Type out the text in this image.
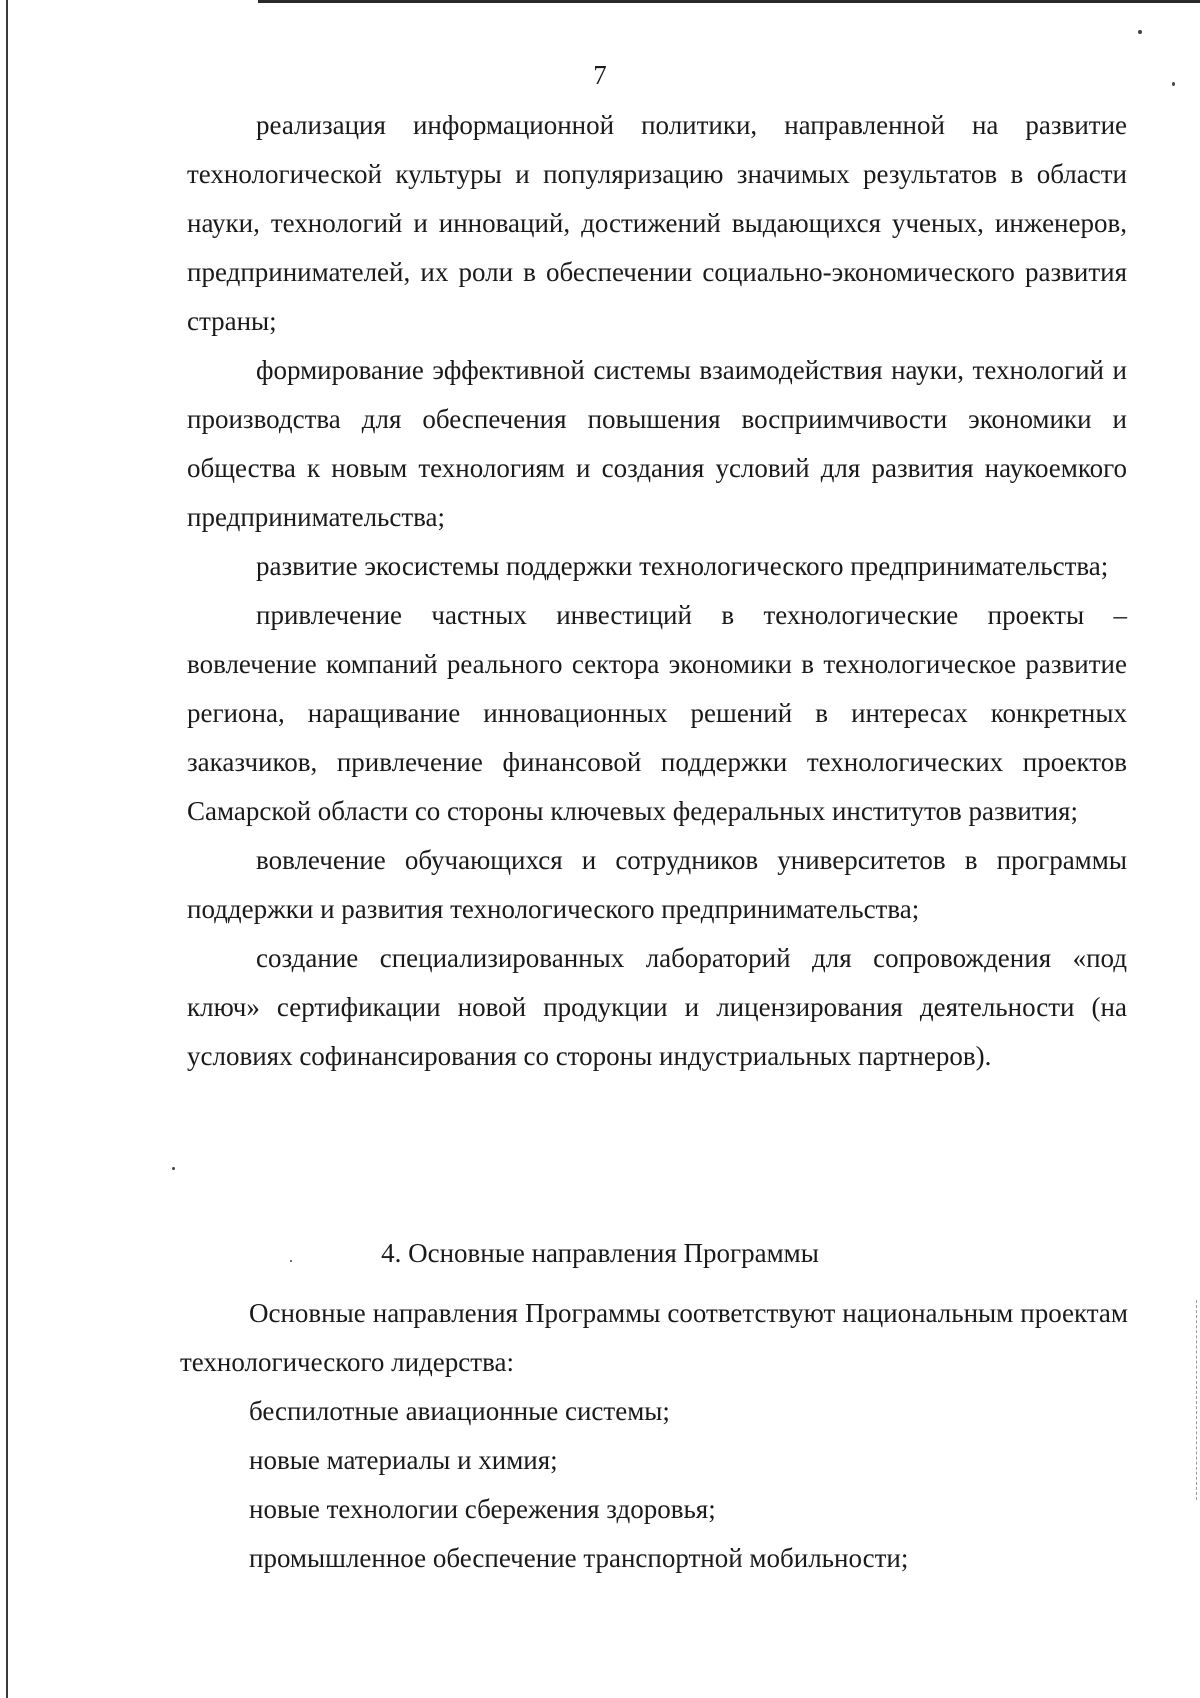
7

реализация информационной политики, направленной на развитие технологической культуры и популяризацию значимых результатов в области науки, технологий и инноваций, достижений выдающихся ученых, инженеров, предпринимателей, их роли в обеспечении социально-экономического развития страны;

формирование эффективной системы взаимодействия науки, технологий и производства для обеспечения повышения восприимчивости экономики и общества к новым технологиям и создания условий для развития наукоемкого предпринимательства;

развитие экосистемы поддержки технологического предпринимательства;

привлечение частных инвестиций в технологические проекты – вовлечение компаний реального сектора экономики в технологическое развитие региона, наращивание инновационных решений в интересах конкретных заказчиков, привлечение финансовой поддержки технологических проектов Самарской области со стороны ключевых федеральных институтов развития;

вовлечение обучающихся и сотрудников университетов в программы поддержки и развития технологического предпринимательства;

создание специализированных лабораторий для сопровождения «под ключ» сертификации новой продукции и лицензирования деятельности (на условиях софинансирования со стороны индустриальных партнеров).

4. Основные направления Программы

Основные направления Программы соответствуют национальным проектам технологического лидерства:

беспилотные авиационные системы;
новые материалы и химия;
новые технологии сбережения здоровья;
промышленное обеспечение транспортной мобильности;
